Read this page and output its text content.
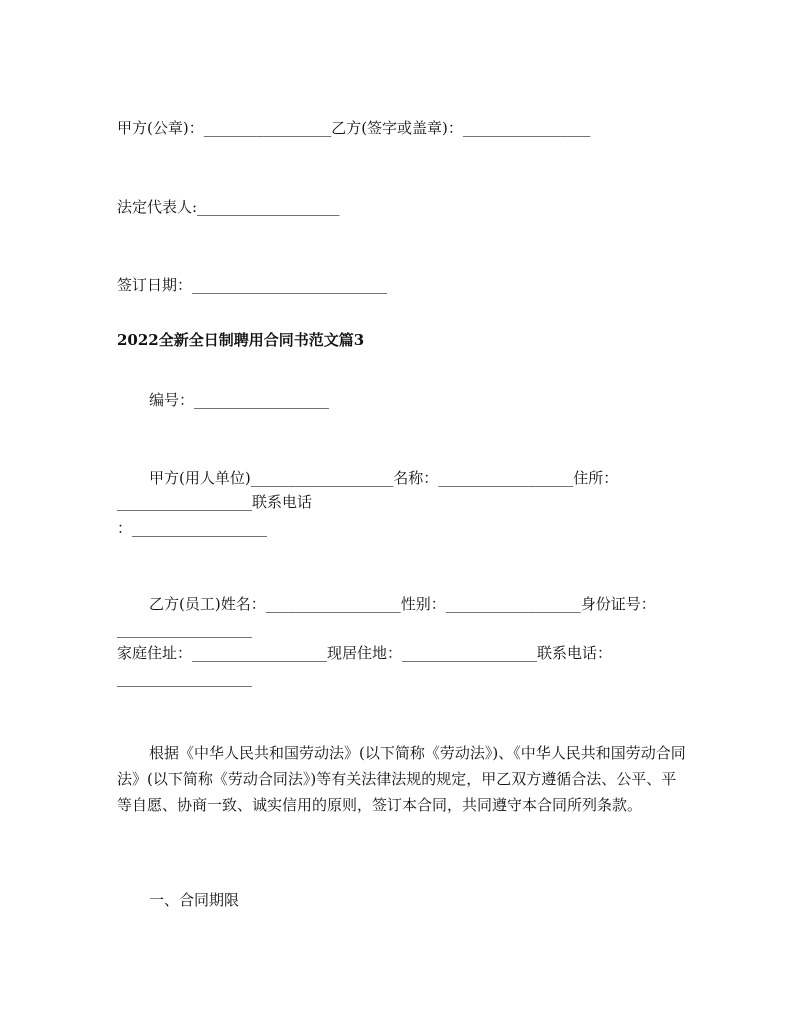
甲方(公章)：_________________乙方(签字或盖章)：_________________

法定代表人:___________________

签订日期：__________________________

2022全新全日制聘用合同书范文篇3

编号：__________________

甲方(用人单位)___________________名称：__________________住所：

__________________联系电话

：__________________

乙方(员工)姓名：__________________性别：__________________身份证号：

__________________

家庭住址：__________________现居住地：__________________联系电话：

__________________

根据《中华人民共和国劳动法》(以下简称《劳动法》)、《中华人民共和国劳动合同法》(以下简称《劳动合同法》)等有关法律法规的规定，甲乙双方遵循合法、公平、平等自愿、协商一致、诚实信用的原则，签订本合同，共同遵守本合同所列条款。

一、合同期限
